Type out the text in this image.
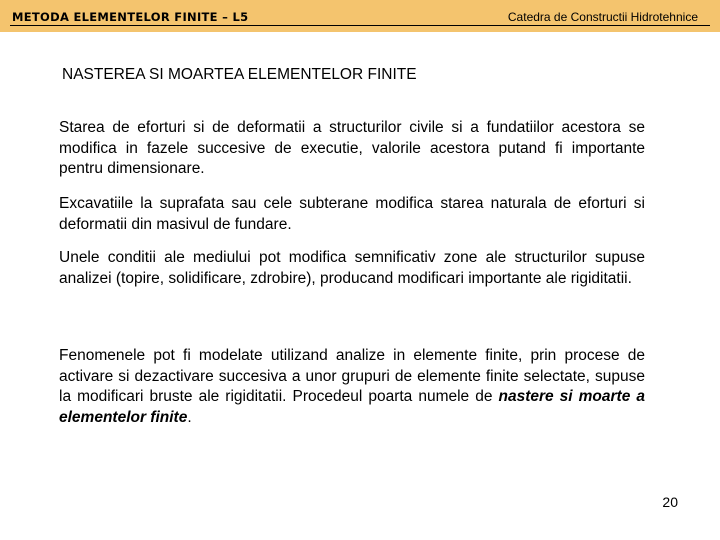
METODA ELEMENTELOR FINITE – L5	Catedra de Constructii Hidrotehnice
NASTEREA SI MOARTEA ELEMENTELOR FINITE
Starea de eforturi si de deformatii a structurilor civile si a fundatiilor acestora se modifica in fazele succesive de executie, valorile acestora putand fi importante pentru dimensionare.
Excavatiile la suprafata sau cele subterane modifica starea naturala de eforturi si deformatii din masivul de fundare.
Unele conditii ale mediului pot modifica semnificativ zone ale structurilor supuse analizei (topire, solidificare, zdrobire), producand modificari importante ale rigiditatii.
Fenomenele pot fi modelate utilizand analize in elemente finite, prin procese de activare si dezactivare succesiva a unor grupuri de elemente finite selectate, supuse la modificari bruste ale rigiditatii. Procedeul poarta numele de nastere si moarte a elementelor finite.
20
